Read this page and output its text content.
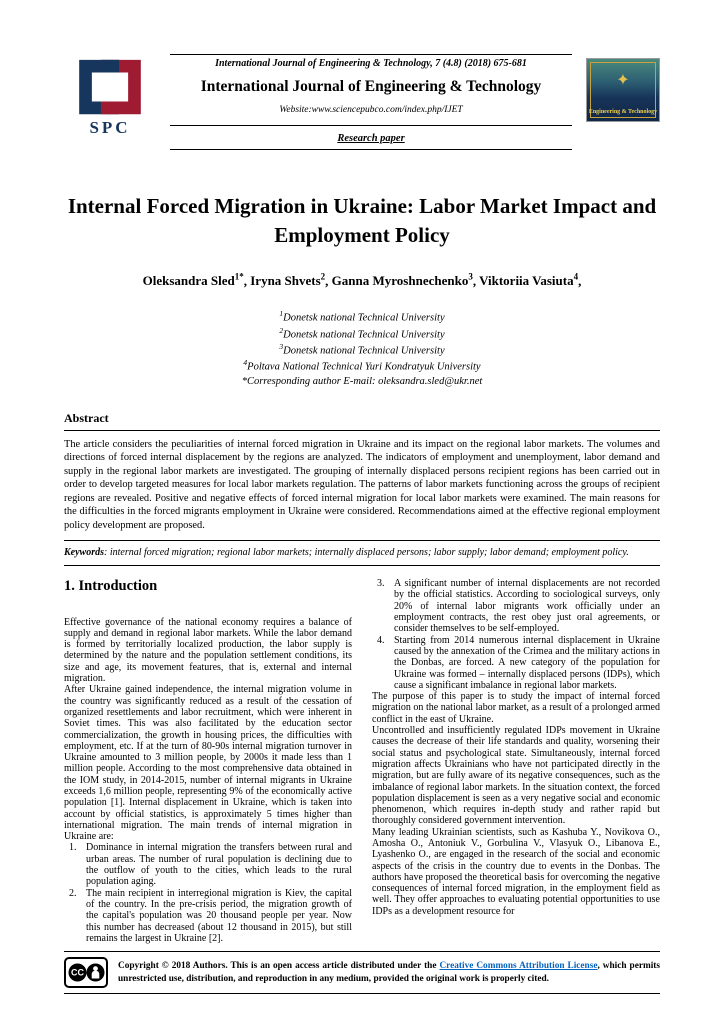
SPC
International Journal of Engineering & Technology, 7 (4.8) (2018) 675-681
International Journal of Engineering & Technology
Website:www.sciencepubco.com/index.php/IJET
Research paper
✦
Engineering & Technology
Internal Forced Migration in Ukraine: Labor Market Impact and Employment Policy
Oleksandra Sled$^{1*}$, Iryna Shvets$^2$, Ganna Myroshnechenko$^3$, Viktoriia Vasiuta$^4$,
$^1$Donetsk national Technical University
$^2$Donetsk national Technical University
$^3$Donetsk national Technical University
$^4$Poltava National Technical Yuri Kondratyuk University
*Corresponding author E-mail: oleksandra.sled@ukr.net
Abstract
The article considers the peculiarities of internal forced migration in Ukraine and its impact on the regional labor markets. The volumes and directions of forced internal displacement by the regions are analyzed. The indicators of employment and unemployment, labor demand and supply in the regional labor markets are investigated. The grouping of internally displaced persons recipient regions has been carried out in order to develop targeted measures for local labor markets regulation. The patterns of labor markets functioning across the groups of recipient regions are revealed. Positive and negative effects of forced internal migration for local labor markets were examined. The main reasons for the difficulties in the forced migrants employment in Ukraine were considered. Recommendations aimed at the effective regional employment policy development are proposed.
Keywords: internal forced migration; regional labor markets; internally displaced persons; labor supply; labor demand; employment policy.
1. Introduction

Effective governance of the national economy requires a balance of supply and demand in regional labor markets. While the labor demand is formed by territorially localized production, the labor supply is determined by the nature and the population settlement conditions, its size and age, its movement features, that is, external and internal migration.

After Ukraine gained independence, the internal migration volume in the country was significantly reduced as a result of the cessation of organized resettlements and labor recruitment, which were inherent in Soviet times. This was also facilitated by the education sector commercialization, the growth in housing prices, the difficulties with employment, etc. If at the turn of 80-90s internal migration turnover in Ukraine amounted to 3 million people, by 2000s it made less than 1 million people. According to the most comprehensive data obtained in the IOM study, in 2014-2015, number of internal migrants in Ukraine exceeds 1,6 million people, representing 9% of the economically active population [1]. Internal displacement in Ukraine, which is taken into account by official statistics, is approximately 5 times higher than international migration. The main trends of internal migration in Ukraine are:

1. Dominance in internal migration the transfers between rural and urban areas. The number of rural population is declining due to the outflow of youth to the cities, which leads to the rural population aging.
2. The main recipient in interregional migration is Kiev, the capital of the country. In the pre-crisis period, the migration growth of the capital's population was 20 thousand people per year. Now this number has decreased (about 12 thousand in 2015), but still remains the largest in Ukraine [2].
3. A significant number of internal displacements are not recorded by the official statistics. According to sociological surveys, only 20% of internal labor migrants work officially under an employment contracts, the rest obey just oral agreements, or consider themselves to be self-employed.
4. Starting from 2014 numerous internal displacement in Ukraine caused by the annexation of the Crimea and the military actions in the Donbas, are forced. A new category of the population for Ukraine was formed – internally displaced persons (IDPs), which cause a significant imbalance in regional labor markets.

The purpose of this paper is to study the impact of internal forced migration on the national labor market, as a result of a prolonged armed conflict in the east of Ukraine.

Uncontrolled and insufficiently regulated IDPs movement in Ukraine causes the decrease of their life standards and quality, worsening their social status and psychological state. Simultaneously, internal forced migration affects Ukrainians who have not participated directly in the migration, but are fully aware of its negative consequences, such as the imbalance of regional labor markets. In the situation context, the forced population displacement is seen as a very negative social and economic phenomenon, which requires in-depth study and rather rapid but thoroughly considered government intervention.

Many leading Ukrainian scientists, such as Kashuba Y., Novikova O., Amosha O., Antoniuk V., Gorbulina V., Vlasyuk O., Libanova E., Lyashenko O., are engaged in the research of the social and economic aspects of the crisis in the country due to events in the Donbas. The authors have proposed the theoretical basis for overcoming the negative consequences of internal forced migration, in the employment field as well. They offer approaches to evaluating potential opportunities to use IDPs as a development resource for

CC
Copyright © 2018 Authors. This is an open access article distributed under the Creative Commons Attribution License, which permits unrestricted use, distribution, and reproduction in any medium, provided the original work is properly cited.
